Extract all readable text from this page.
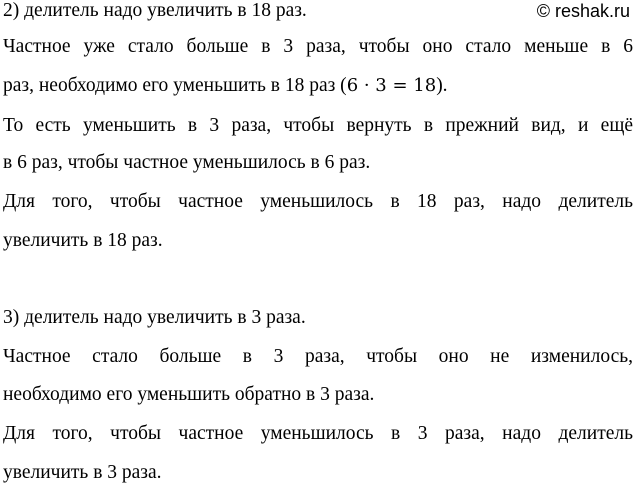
© reshak.ru
2) делитель надо увеличить в 18 раз.
Частное уже стало больше в 3 раза, чтобы оно стало меньше в 6
раз, необходимо его уменьшить в 18 раз (6 · 3 = 18).
То есть уменьшить в 3 раза, чтобы вернуть в прежний вид, и ещё
в 6 раз, чтобы частное уменьшилось в 6 раз.
Для того, чтобы частное уменьшилось в 18 раз, надо делитель
увеличить в 18 раз.
3) делитель надо увеличить в 3 раза.
Частное стало больше в 3 раза, чтобы оно не изменилось,
необходимо его уменьшить обратно в 3 раза.
Для того, чтобы частное уменьшилось в 3 раза, надо делитель
увеличить в 3 раза.
